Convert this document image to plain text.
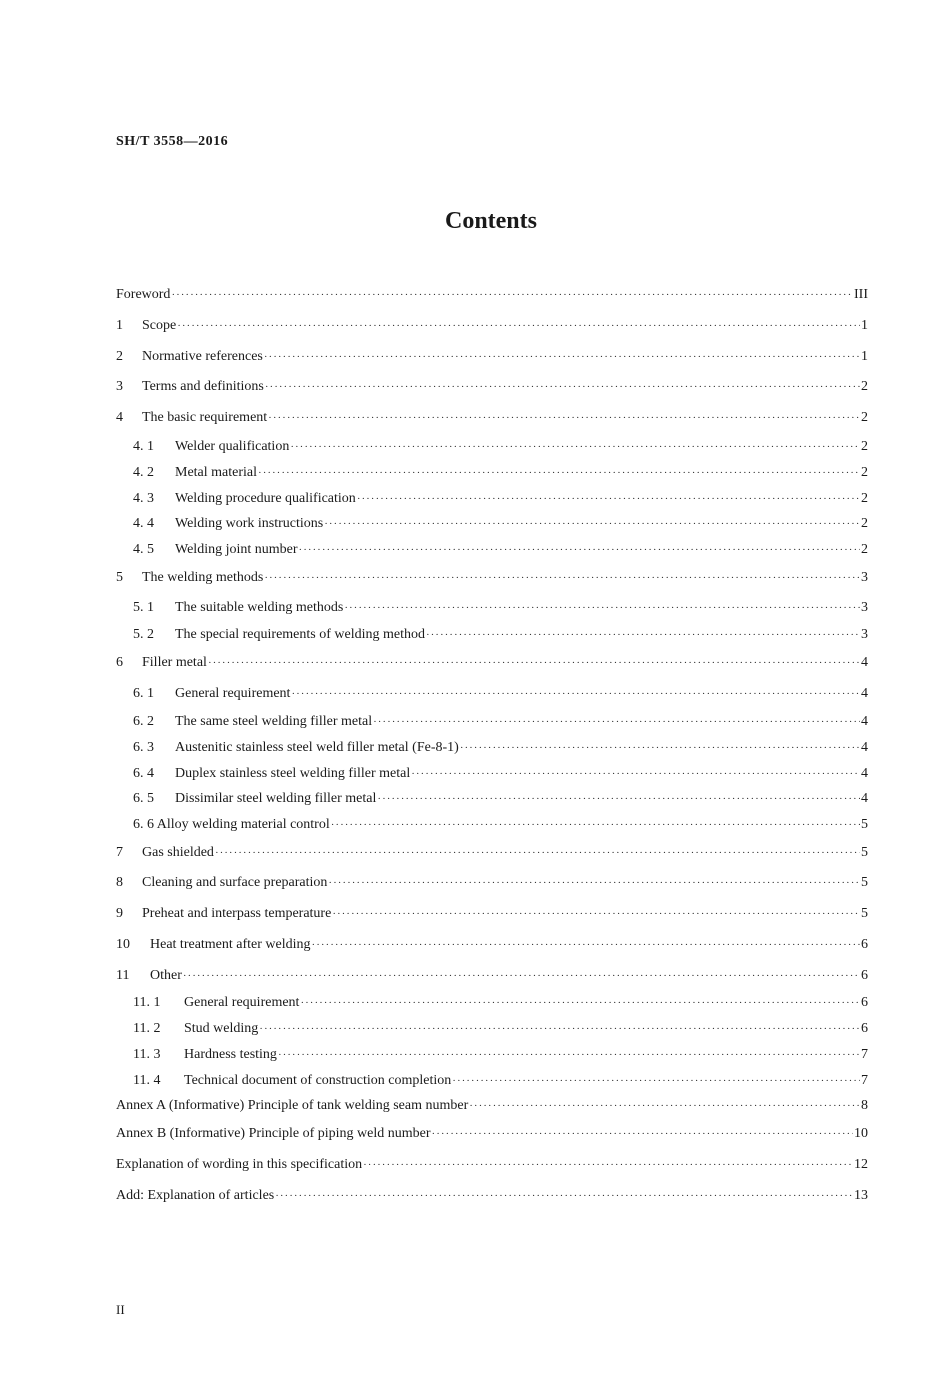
SH/T 3558—2016
Contents
Foreword ·····	III
1	Scope ·····	1
2	Normative references ·····	1
3	Terms and definitions ·····	2
4	The basic requirement ·····	2
4. 1	Welder qualification ·····	2
4. 2	Metal material ·····	2
4. 3	Welding procedure qualification ·····	2
4. 4	Welding work instructions ·····	2
4. 5	Welding joint number ·····	2
5	The welding methods ·····	3
5. 1	The suitable welding methods ·····	3
5. 2	The special requirements of welding method ·····	3
6	Filler metal ·····	4
6. 1	General requirement ·····	4
6. 2	The same steel welding filler metal ·····	4
6. 3	Austenitic stainless steel weld filler metal (Fe-8-1) ·····	4
6. 4	Duplex stainless steel welding filler metal ·····	4
6. 5	Dissimilar steel welding filler metal ·····	4
6. 6 Alloy welding material control ·····	5
7	Gas shielded ·····	5
8	Cleaning and surface preparation ·····	5
9	Preheat and interpass temperature ·····	5
10	Heat treatment after welding ·····	6
11	Other ·····	6
11. 1	General requirement ·····	6
11. 2	Stud welding ·····	6
11. 3	Hardness testing ·····	7
11. 4	Technical document of construction completion ·····	7
Annex A (Informative) Principle of tank welding seam number ·····	8
Annex B (Informative) Principle of piping weld number ·····	10
Explanation of wording in this specification ·····	12
Add: Explanation of articles ·····	13
II
